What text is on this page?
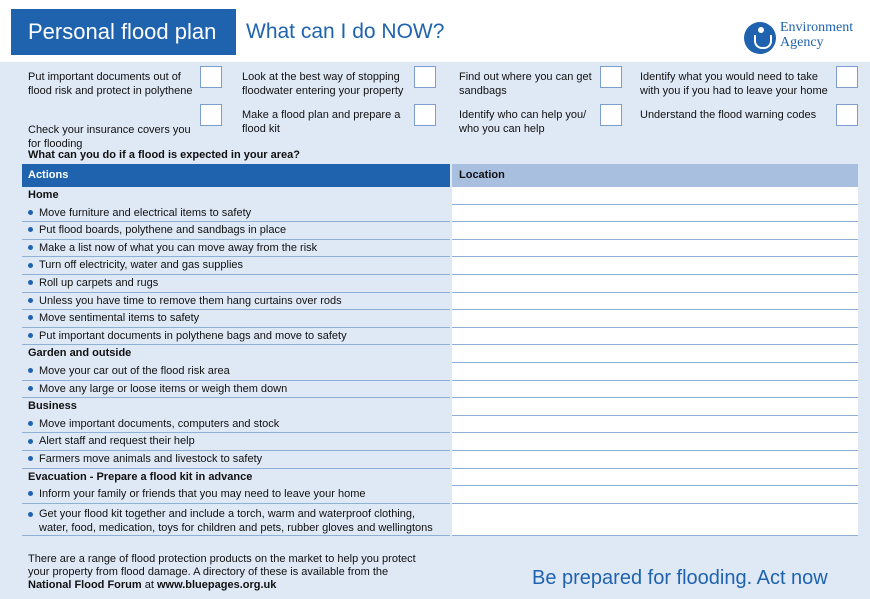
Personal flood plan	What can I do NOW?	Environment
Agency
Put important documents out of flood risk and protect in polythene
Check your insurance covers you for flooding
Look at the best way of stopping floodwater entering your property
Make a flood plan and prepare a flood kit
Find out where you can get sandbags
Identify who can help you/ who you can help
Identify what you would need to take with you if you had to leave your home
Understand the flood warning codes
What can you do if a flood is expected in your area?
Actions	Location
Home
Move furniture and electrical items to safety
Put flood boards, polythene and sandbags in place
Make a list now of what you can move away from the risk
Turn off electricity, water and gas supplies
Roll up carpets and rugs
Unless you have time to remove them hang curtains over rods
Move sentimental items to safety
Put important documents in polythene bags and move to safety
Garden and outside
Move your car out of the flood risk area
Move any large or loose items or weigh them down
Business
Move important documents, computers and stock
Alert staff and request their help
Farmers move animals and livestock to safety
Evacuation - Prepare a flood kit in advance
Inform your family or friends that you may need to leave your home
Get your flood kit together and include a torch, warm and waterproof clothing, water, food, medication, toys for children and pets, rubber gloves and wellingtons
There are a range of flood protection products on the market to help you protect
your property from flood damage. A directory of these is available from the
National Flood Forum at www.bluepages.org.uk	Be prepared for flooding. Act now
